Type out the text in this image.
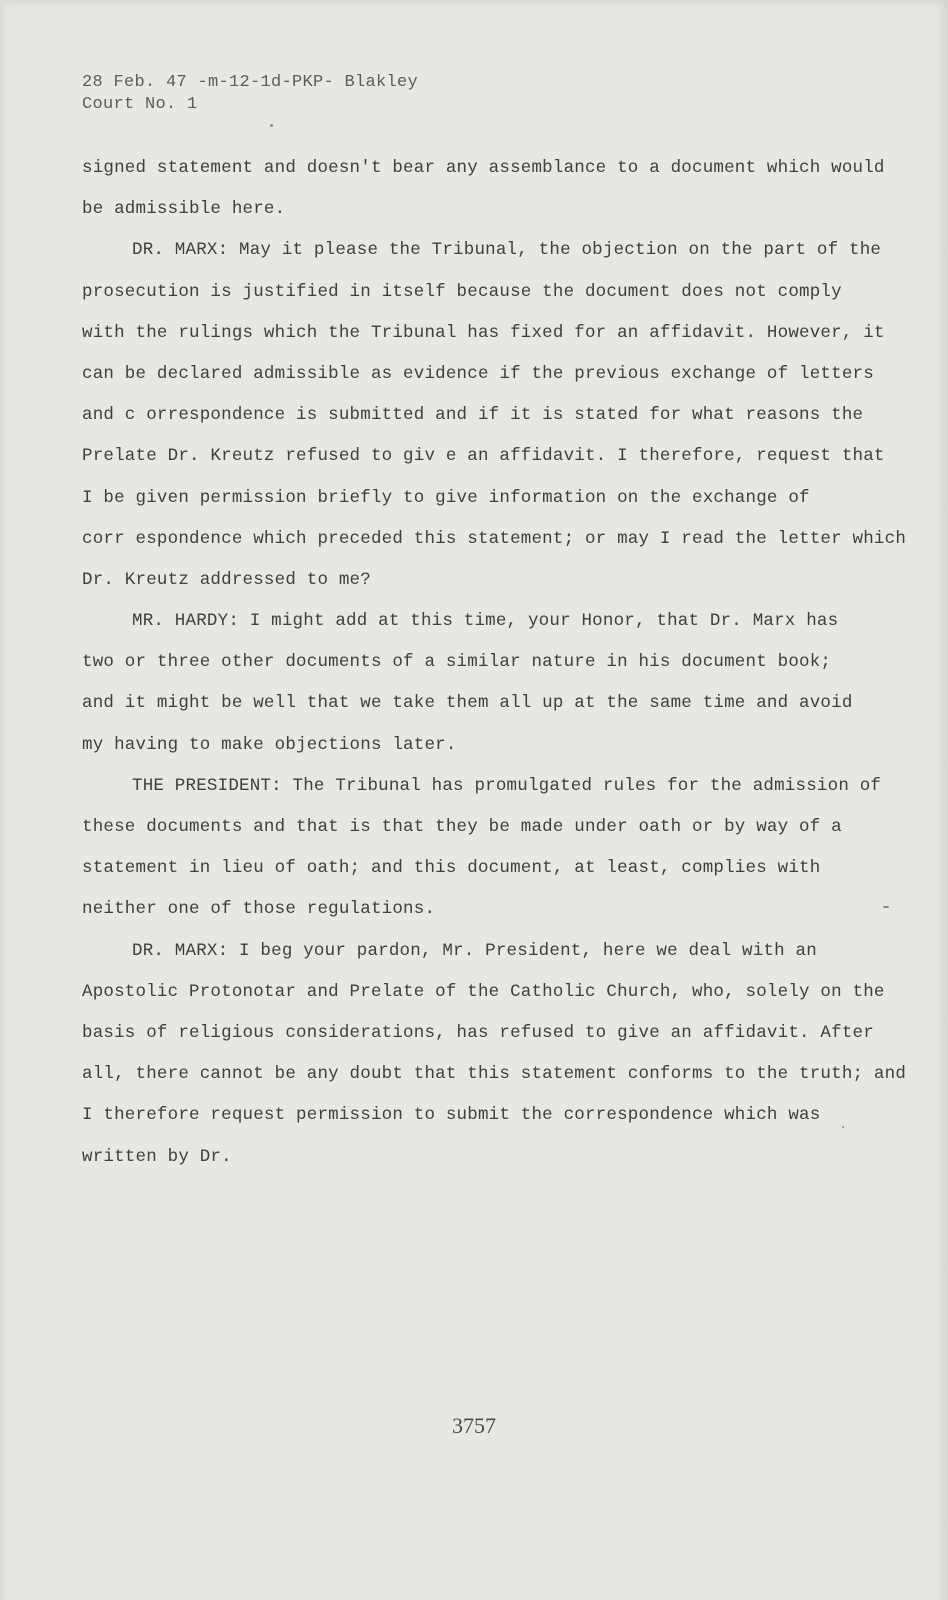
28 Feb. 47 -m-12-1d-PKP- Blakley
Court No. 1
signed statement and doesn't bear any assemblance to a document which would
be admissible here.
DR. MARX: May it please the Tribunal, the objection on the part of the
prosecution is justified in itself because the document does not comply
with the rulings which the Tribunal has fixed for an affidavit. However, it
can be declared admissible as evidence if the previous exchange of letters
and c orrespondence is submitted and if it is stated for what reasons the
Prelate Dr. Kreutz refused to giv e an affidavit. I therefore, request that
I be given permission briefly to give information on the exchange of
corr espondence which preceded this statement; or may I read the letter which
Dr. Kreutz addressed to me?
MR. HARDY: I might add at this time, your Honor, that Dr. Marx has
two or three other documents of a similar nature in his document book;
and it might be well that we take them all up at the same time and avoid
my having to make objections later.
THE PRESIDENT: The Tribunal has promulgated rules for the admission of
these documents and that is that they be made under oath or by way of a
statement in lieu of oath; and this document, at least, complies with
neither one of those regulations.
DR. MARX: I beg your pardon, Mr. President, here we deal with an
Apostolic Protonotar and Prelate of the Catholic Church, who, solely on the
basis of religious considerations, has refused to give an affidavit. After
all, there cannot be any doubt that this statement conforms to the truth; and
I therefore request permission to submit the correspondence which was
written by Dr.
3757
